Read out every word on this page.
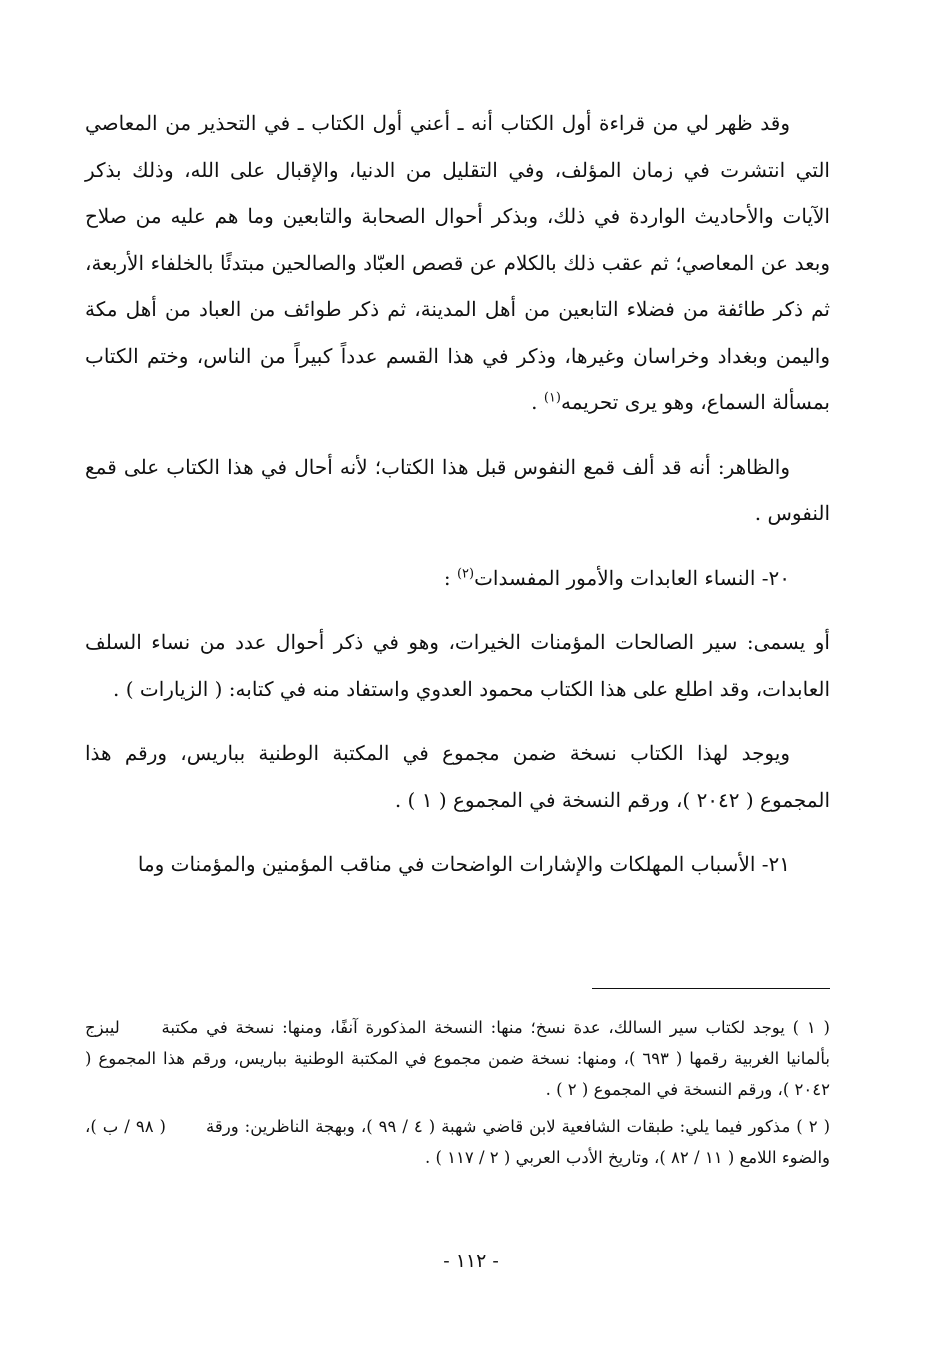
وقد ظهر لي من قراءة أول الكتاب أنه ـ أعني أول الكتاب ـ في التحذير من المعاصي التي انتشرت في زمان المؤلف، وفي التقليل من الدنيا، والإقبال على الله، وذلك بذكر الآيات والأحاديث الواردة في ذلك، وبذكر أحوال الصحابة والتابعين وما هم عليه من صلاح وبعد عن المعاصي؛ ثم عقب ذلك بالكلام عن قصص العبّاد والصالحين مبتدئًا بالخلفاء الأربعة، ثم ذكر طائفة من فضلاء التابعين من أهل المدينة، ثم ذكر طوائف من العباد من أهل مكة واليمن وبغداد وخراسان وغيرها، وذكر في هذا القسم عدداً كبيراً من الناس، وختم الكتاب بمسألة السماع، وهو يرى تحريمه$^{(١)}$ .

والظاهر: أنه قد ألف قمع النفوس قبل هذا الكتاب؛ لأنه أحال في هذا الكتاب على قمع النفوس .

٢٠- النساء العابدات والأمور المفسدات$^{(٢)}$ :

أو يسمى: سير الصالحات المؤمنات الخيرات، وهو في ذكر أحوال عدد من نساء السلف العابدات، وقد اطلع على هذا الكتاب محمود العدوي واستفاد منه في كتابه: ( الزيارات ) .

ويوجد لهذا الكتاب نسخة ضمن مجموع في المكتبة الوطنية بباريس، ورقم هذا المجموع ( ٢٠٤٢ )، ورقم النسخة في المجموع ( ١ ) .

٢١- الأسباب المهلكات والإشارات الواضحات في مناقب المؤمنين والمؤمنات وما

( ١ ) يوجد لكتاب سير السالك، عدة نسخ؛ منها: النسخة المذكورة آنفًا، ومنها: نسخة في مكتبة ليبزج بألمانيا الغربية رقمها ( ٦٩٣ )، ومنها: نسخة ضمن مجموع في المكتبة الوطنية بباريس، ورقم هذا المجموع ( ٢٠٤٢ )، ورقم النسخة في المجموع ( ٢ ) .

( ٢ ) مذكور فيما يلي: طبقات الشافعية لابن قاضي شهبة ( ٤ / ٩٩ )، وبهجة الناظرين: ورقة ( ٩٨ / ب )، والضوء اللامع ( ١١ / ٨٢ )، وتاريخ الأدب العربي ( ٢ / ١١٧ ) .

- ١١٢ -
